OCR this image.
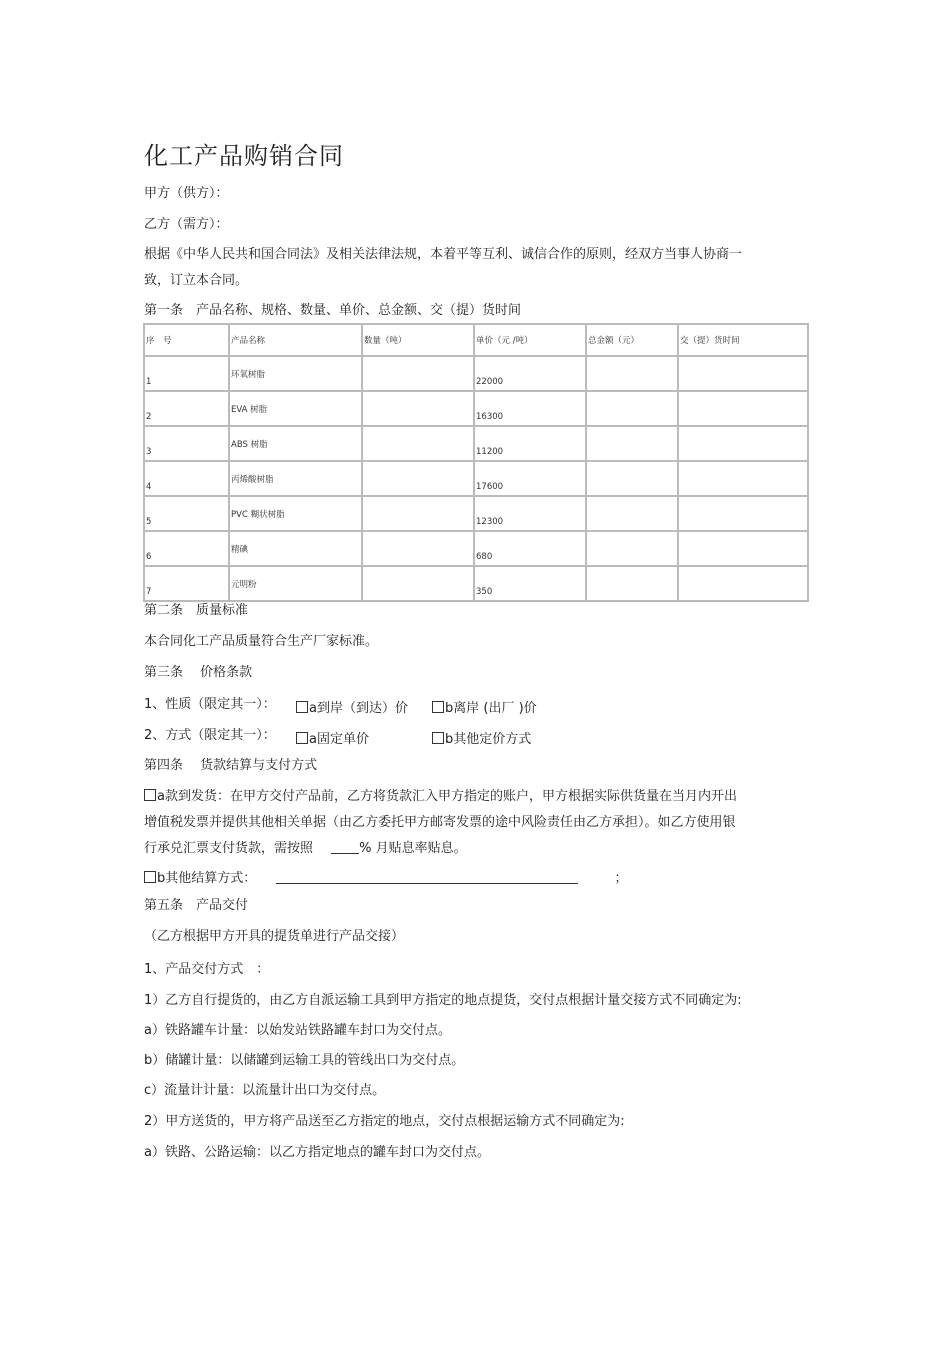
化工产品购销合同
甲方（供方）：
乙方（需方）：
根据《中华人民共和国合同法》及相关法律法规，本着平等互利、诚信合作的原则，经双方当事人协商一致，订立本合同。
第一条　产品名称、规格、数量、单价、总金额、交（提）货时间
序　号	产品名称	数量（吨）	单价（元 /吨）	总金额（元）	交（提）货时间
1	环氧树脂		22000		
2	EVA 树脂		16300		
3	ABS 树脂		11200		
4	丙烯酸树脂		17600		
5	PVC 糊状树脂		12300		
6	精碘		680		
7	元明粉		350		
第二条　质量标准
本合同化工产品质量符合生产厂家标准。
第三条　 价格条款
1、性质（限定其一）：	a到岸（到达）价	b离岸 (出厂 )价
2、方式（限定其一）：	a固定单价	b其他定价方式
第四条　 货款结算与支付方式
a款到发货：在甲方交付产品前，乙方将货款汇入甲方指定的账户，甲方根据实际供货量在当月内开出增值税发票并提供其他相关单据（由乙方委托甲方邮寄发票的途中风险责任由乙方承担）。如乙方使用银行承兑汇票支付货款，需按照	% 月贴息率贴息。
b其他结算方式：	；
第五条　产品交付
（乙方根据甲方开具的提货单进行产品交接）
1、产品交付方式　：
1）乙方自行提货的，由乙方自派运输工具到甲方指定的地点提货，交付点根据计量交接方式不同确定为:
a）铁路罐车计量：以始发站铁路罐车封口为交付点。
b）储罐计量：以储罐到运输工具的管线出口为交付点。
c）流量计计量：以流量计出口为交付点。
2）甲方送货的，甲方将产品送至乙方指定的地点，交付点根据运输方式不同确定为:
a）铁路、公路运输：以乙方指定地点的罐车封口为交付点。
